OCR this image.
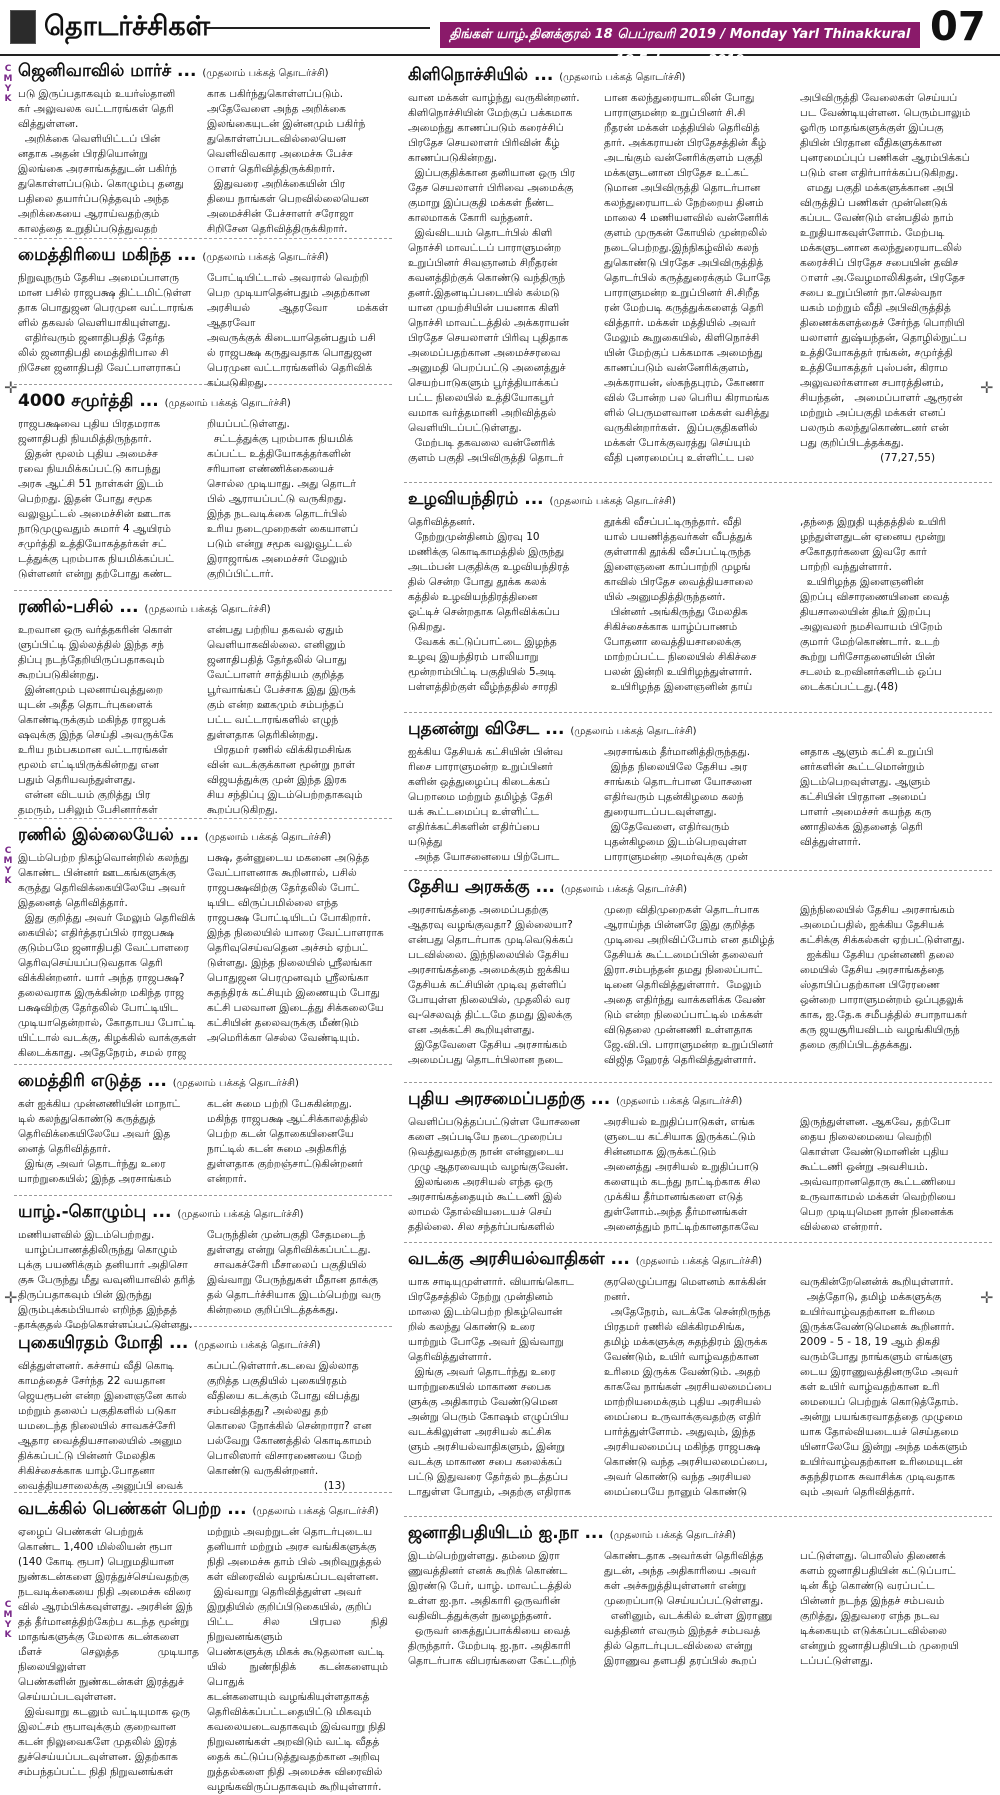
தொடர்ச்சிகள்	திங்கள் யாழ்.தினக்குரல் 18 பெப்ரவரி 2019 / Monday Yarl Thinakkural 18 February 2019
07
C
M
Y
K
C
M
Y
K
C
M
Y
K
✛	✛
✛	✛
ஜெனிவாவில் மார்ச் ... (முதலாம் பக்கத் தொடர்ச்சி)
படு இருப்பதாகவும் உயர்ஸ்தானி
கர் அலுவலக வட்டாரங்கள் தெரி
வித்துள்ளன.
அறிக்கை வெளியிட்டப் பின்
னதாக அதன் பிரதியொன்று
இலங்கை அரசாங்கத்துடன் பகிர்ந்
துகொள்ளப்படும். கொழும்பு தனது
பதிலை தயார்ப்படுத்தவும் அந்த
அறிக்கையை ஆராய்வதற்கும்
காலத்தை உறுதிப்படுத்துவதற்
காக பகிர்ந்துகொள்ளப்படும்.
அதேவேளை அந்த அறிக்கை
இலங்கையுடன் இன்னமும் பகிர்ந்
துகொள்ளப்படவில்லையென
வெளிவிவகார அமைச்சு பேச்ச
ாளர் தெரிவித்திருக்கிறார்.
இதுவரை அறிக்கையின் பிர
தியை நாங்கள் பெறவில்லையென
அமைச்சின் பேச்சாளர் சரோஜா
சிறிசேன தெரிவித்திருக்கிறார்.
மைத்திரியை மகிந்த ... (முதலாம் பக்கத் தொடர்ச்சி)
நிறுவுநரும் தேசிய அமைப்பாளரு
மான பசில் ராஜபக்ஷ திட்டமிட்டுள்ள
தாக பொதுஜன பெரமுன வட்டாரங்க
ளில் தகவல் வெளியாகியுள்ளது.
எதிர்வரும் ஜனாதிபதித் தேர்த
லில் ஜனாதிபதி மைத்திரிபால சி
றிசேன ஜனாதிபதி வேட்பாளராகப்
போட்டியிட்டால் அவரால் வெற்றி
பெற முடியாதென்பதும் அதற்கான
அரசியல் ஆதரவோ மக்கள் ஆதரவோ
அவருக்குக் கிடையாதென்பதும் பசி
ல் ராஜபக்ஷ கருதுவதாக பொதுஜன
பெரமுன வட்டாரங்களில் தெரிவிக்
கப்படுகிறது.
4000 சமுர்த்தி ... (முதலாம் பக்கத் தொடர்ச்சி)
ராஜபக்ஷவை புதிய பிரதமராக
ஜனாதிபதி நியமித்திருந்தார்.
இதன் மூலம் புதிய அமைச்ச
ரவை நியமிக்கப்பட்டு காபந்து
அரசு ஆட்சி 51 நாள்கள் இடம்
பெற்றது. இதன் போது சமூக
வலுவூட்டல் அமைச்சின் ஊடாக
நாடுமுழுவதும் சுமார் 4 ஆயிரம்
சமுர்த்தி உத்தியோகத்தர்கள் சட்
டத்துக்கு புறம்பாக நியமிக்கப்பட்
டுள்ளனர் என்று தற்போது கண்ட
றியப்பட்டுள்ளது.
சட்டத்துக்கு புறம்பாக நியமிக்
கப்பட்ட உத்தியோகத்தர்களின்
சரியான எண்ணிக்கையைச்
சொல்ல முடியாது. அது தொடர்
பில் ஆராயப்பட்டு வருகிறது.
இந்த நடவடிக்கை தொடர்பில்
உரிய நடைமுறைகள் கையாளப்
படும் என்று சமூக வலுவூட்டல்
இராஜாங்க அமைச்சர் மேலும்
குறிப்பிட்டார்.
ரணில்-பசில் ... (முதலாம் பக்கத் தொடர்ச்சி)
உறவான ஒரு வர்த்தகரின் கொள்
ளுப்பிட்டி இல்லத்தில் இந்த சந்
திப்பு நடந்தேறியிருப்பதாகவும்
கூறப்படுகின்றது.
இன்னமும் புலனாய்வுத்துறை
யுடன் அதீத தொடர்புகளைக்
கொண்டிருக்கும் மகிந்த ராஜபக்
ஷவுக்கு இந்த செய்தி அவருக்கே
உரிய நம்பகமான வட்டாரங்கள்
மூலம் எட்டியிருக்கின்றது என
பதும் தெரியவந்துள்ளது.
என்ன விடயம் குறித்து பிர
தமரும், பசிலும் பேசினார்கள்
என்பது பற்றிய தகவல் ஏதும்
வெளியாகவில்லை. எனினும்
ஜனாதிபதித் தேர்தலில் பொது
வேட்பாளர் சாத்தியம் குறித்த
பூர்வாங்கப் பேச்சாக இது இருக்
கும் என்ற ஊகமும் சம்பந்தப்
பட்ட வட்டாரங்களில் எழுந்
துள்ளதாக தெரிகின்றது.
பிரதமர் ரணில் விக்கிரமசிங்க
வின் வடக்குக்கான மூன்று நாள்
விஜயத்துக்கு முன் இந்த இரக
சிய சந்திப்பு இடம்பெற்றதாகவும்
கூறப்படுகிறது.
ரணில் இல்லையேல் ... (முதலாம் பக்கத் தொடர்ச்சி)
இடம்பெற்ற நிகழ்வொன்றில் கலந்து
கொண்ட பின்னர் ஊடகங்களுக்கு
கருத்து தெரிவிக்கையிலேயே அவர்
இதனைத் தெரிவித்தார்.
இது குறித்து அவர் மேலும் தெரிவிக்
கையில்; எதிர்த்தரப்பில் ராஜபக்ஷ
குடும்பமே ஜனாதிபதி வேட்பாளரை
தெரிவுசெய்யப்படுவதாக தெரி
விக்கின்றனர். யார் அந்த ராஜபக்ஷ?
தலைவராக இருக்கின்ற மகிந்த ராஜ
பக்ஷவிற்கு தேர்தலில் போட்டியிட
முடியாதென்றால், கோதாபய போட்டி
யிட்டால் வடக்கு, கிழக்கில் வாக்குகள்
கிடைக்காது. அதேநேரம், சமல் ராஜ
பக்ஷ, தன்னுடைய மகனை அடுத்த
வேட்பாளனாக கூறினால், பசில்
ராஜபக்ஷவிற்கு தேர்தலில் போட்
டியிட விருப்பமில்லை எந்த
ராஜபக்ஷ போட்டியிடப் போகிறார்.
இந்த நிலையில் யாரை வேட்பாளராக
தெரிவுசெய்வதென அச்சம் ஏற்பட்
டுள்ளது. இந்த நிலையில் ஸ்ரீலங்கா
பொதுஜன பெரமுனவும் ஸ்ரீலங்கா
சுதந்திரக் கட்சியும் இணையும் போது
கட்சி பலவான இடைத்து சிக்கலையே
கட்சியின் தலைவருக்கு மீண்டும்
அமெரிக்கா செல்ல வேண்டியும்.
மைத்திரி எடுத்த ... (முதலாம் பக்கத் தொடர்ச்சி)
கள் ஐக்கிய முன்னணியின் மாநாட்
டில் கலந்துகொண்டு கருத்துத்
தெரிவிக்கையிலேயே அவர் இத
னைத் தெரிவித்தார்.
இங்கு அவர் தொடர்ந்து உரை
யாற்றுகையில்; இந்த அரசாங்கம்
கடன் சுமை பற்றி பேசுகின்றது.
மகிந்த ராஜபக்ஷ ஆட்சிக்காலத்தில்
பெற்ற கடன் தொகையினையே
நாட்டில் கடன் சுமை அதிகரித்
துள்ளதாக குற்றஞ்சாட்டுகின்றனர்
என்றார்.
யாழ்.-கொழும்பு ... (முதலாம் பக்கத் தொடர்ச்சி)
மணியளவில் இடம்பெற்றது.
யாழ்ப்பாணத்திலிருந்து கொழும்
புக்கு பயணிக்கும் தனியார் அதிசொ
குசு பேருந்து மீது வவுனியாவில் தரித்
திருப்பதாகவும் பின் இருந்து
இரும்புக்கம்பியால் எறிந்த இந்தத்
தாக்குதல் மேற்கொள்ளப்பட்டுள்ளது.
பேருந்தின் முன்பகுதி சேதமடைந்
துள்ளது என்று தெரிவிக்கப்பட்டது.
சாவகச்சேரி மீசாலைப் பகுதியில்
இவ்வாறு பேருந்துகள் மீதான தாக்கு
தல் தொடர்ச்சியாக இடம்பெற்று வரு
கின்றமை குறிப்பிடத்தக்கது.
புகையிரதம் மோதி ... (முதலாம் பக்கத் தொடர்ச்சி)
வித்துள்ளனர். கச்சாய் வீதி கொடி
காமத்தைச் சேர்ந்த 22 வயதான
ஜெயரூபன் என்ற இளைஞனே கால்
மற்றும் தலைப் பகுதிகளில் படுகா
யமடைந்த நிலையில் சாவகச்சேரி
ஆதார வைத்தியசாலையில் அனும
திக்கப்பட்டு பின்னர் மேலதிக
சிகிச்சைக்காக யாழ்.போதனா
வைத்தியசாலைக்கு அனுப்பி வைக்
கப்பட்டுள்ளார்.கடவை இல்லாத
குறித்த பகுதியில் புகையிரதம்
வீதியை கடக்கும் போது விபத்து
சம்பவித்தது? அல்லது தற்
கொலை நோக்கில் சென்றாரா? என
பல்வேறு கோணத்தில் கொடிகாமம்
பொலிஸார் விசாரணையை மேற்
கொண்டு வருகின்றனர்.
(13)
வடக்கில் பெண்கள் பெற்ற ... (முதலாம் பக்கத் தொடர்ச்சி)
ஏழைப் பெண்கள் பெற்றுக்
கொண்ட 1,400 மில்லியன் ரூபா
(140 கோடி ரூபா) பெறுமதியான
நுண்கடன்களை இரத்துச்செய்வதற்கு
நடவடிக்கையை நிதி அமைச்சு விரை
வில் ஆரம்பிக்கவுள்ளது. அரசின் இந்
தத் தீர்மானத்திற்கேற்ப கடந்த மூன்று
மாதங்களுக்கு மேலாக கடன்களை
மீளச் செலுத்த முடியாத நிலையிலுள்ள
பெண்களின் நுண்கடன்கள் இரத்துச்
செய்யப்படவுள்ளன.
இவ்வாறு கடனும் வட்டியுமாக ஒரு
இலட்சம் ரூபாவுக்கும் குறைவான
கடன் நிலுவைகளே முதலில் இரத்
துச்செய்யப்படவுள்ளன. இதற்காக
சம்பந்தப்பட்ட நிதி நிறுவனங்கள்
மற்றும் அவற்றுடன் தொடர்புடைய
தனியார் மற்றும் அரச வங்கிகளுக்கு
நிதி அமைச்சு தாம் பில் அறிவுறுத்தல்
கள் விரைவில் வழங்கப்படவுள்ளன.
இவ்வாறு தெரிவித்துள்ள அவர்
இறுதியில் குறிப்பிடுகையில், குறிப்
பிட்ட சில பிரபல நிதி நிறுவனங்களும்
பெண்களுக்கு மிகக் கூடுதலான வட்டி
யில் நுண்நிதிக் கடன்களையும் பொதுக்
கடன்களையும் வழங்கியுள்ளதாகத்
தெரிவிக்கப்பட்டதையிட்டு மிகவும்
கவலையடைவதாகவும் இவ்வாறு நிதி
நிறுவனங்கள் அறவிடும் வட்டி வீதத்
தைக் கட்டுப்படுத்துவதற்கான அறிவு
றுத்தல்களை நிதி அமைச்சு விரைவில்
வழங்கவிருப்பதாகவும் கூறியுள்ளார்.
கிளிநொச்சியில் ... (முதலாம் பக்கத் தொடர்ச்சி)
வான மக்கள் வாழ்ந்து வருகின்றனர்.
கிளிநொச்சியின் மேற்குப் பக்கமாக
அமைந்து காணப்படும் கரைச்சிப்
பிரதேச செயலாளர் பிரிவின் கீழ்
காணப்படுகின்றது.
இப்பகுதிக்கான தனியான ஒரு பிர
தேச செயலாளர் பிரிவை அமைக்கு
குமாறு இப்பகுதி மக்கள் நீண்ட
காலமாகக் கோரி வந்தனர்.
இவ்விடயம் தொடர்பில் கிளி
நொச்சி மாவட்டப் பாராளுமன்ற
உறுப்பினர் சிவஞானம் சிறீதரன்
கவனத்திற்குக் கொண்டு வந்திருந்
தனர்.இதனடிப்படையில் கல்மடு
யான முயற்சியின் பயனாக கிளி
நொச்சி மாவட்டத்தில் அக்கராயன்
பிரதேச செயலாளர் பிரிவு புதிதாக
அமைப்பதற்கான அமைச்சரவை
அனுமதி பெறப்பட்டு அனைத்துச்
செயற்பாடுகளும் பூர்த்தியாக்கப்
பட்ட நிலையில் உத்தியோகபூர்
வமாக வர்த்தமானி அறிவித்தல்
வெளியிடப்பட்டுள்ளது.
மேற்படி தகவலை வன்னேரிக்
குளம் பகுதி அபிவிருத்தி தொடர்
பான கலந்துரையாடலின் போது
பாராளுமன்ற உறுப்பினர் சி.சி
றீதரன் மக்கள் மத்தியில் தெரிவித்
தார். அக்கராயன் பிரதேசத்தின் கீழ்
அடங்கும் வன்னேரிக்குளம் பகுதி
மக்களுடனான பிரதேச உட்கட்
டுமான அபிவிருத்தி தொடர்பான
கலந்துரையாடல் நேற்றைய தினம்
மாலை 4 மணியளவில் வன்னேரிக்
குளம் முருகன் கோயில் முன்றலில்
நடைபெற்றது.இந்நிகழ்வில் கலந்
துகொண்டு பிரதேச அபிவிருத்தித்
தொடர்பில் கருத்துரைக்கும் போதே
பாராளுமன்ற உறுப்பினர் சி.சிறீத
ரன் மேற்படி கருத்துக்களைத் தெரி
வித்தார். மக்கள் மத்தியில் அவர்
மேலும் கூறுகையில், கிளிநொச்சி
யின் மேற்குப் பக்கமாக அமைந்து
காணப்படும் வன்னேரிக்குளம்,
அக்கராயன், ஸ்கந்தபுரம், கோணா
வில் போன்ற பல பெரிய கிராமங்க
ளில் பெருமளவான மக்கள் வசித்து
வருகின்றார்கள்.  இப்பகுதிகளில்
மக்கள் போக்குவரத்து செய்யும்
வீதி புனரமைப்பு உள்ளிட்ட பல
அபிவிருத்தி வேலைகள் செய்யப்
பட வேண்டியுள்ளன. பெரும்பாலும்
ஓரிரு மாதங்களுக்குள் இப்பகு
தியின் பிரதான வீதிகளுக்கான
புனரமைப்புப் பணிகள் ஆரம்பிக்கப்
படும் என எதிர்பார்க்கப்படுகிறது.
எமது பகுதி மக்களுக்கான அபி
விருத்திப் பணிகள் முன்னெடுக்
கப்பட வேண்டும் என்பதில் நாம்
உறுதியாகவுள்ளோம். மேற்படி
மக்களுடனான கலந்துரையாடலில்
கரைச்சிப் பிரதேச சபையின் தவிச
ாளர் அ.வேழமாலிகிதன், பிரதேச
சபை உறுப்பினர் நா.செல்வநா
யகம் மற்றும் வீதி அபிவிருத்தித்
திணைக்களத்தைச் சேர்ந்த பொறியி
யலாளர் துஷ்யந்தன், தொழில்நுட்ப
உத்தியோகத்தர் ரங்கன், சமுர்த்தி
உத்தியோகத்தர் புஸ்பன், கிராம
அலுவலர்களான சபாரத்தினம்,
சியந்தன்,   அமைப்பாளர் ஆரூரன்
மற்றும் அப்பகுதி மக்கள் எனப்
பலரும் கலந்துகொண்டனர் என்
பது குறிப்பிடத்தக்கது.
(77,27,55)
உழவியந்திரம் ... (முதலாம் பக்கத் தொடர்ச்சி)
தெரிவித்தனர்.
நேற்றுமுன்தினம் இரவு 10
மணிக்கு கொடிகாமத்தில் இருந்து
அடம்பன் பகுதிக்கு உழவியந்திரத்
தில் சென்ற போது தூக்க கலக்
கத்தில் உழவியந்திரத்தினை
ஓட்டிச் சென்றதாக தெரிவிக்கப்ப
டுகிறது.
வேகக் கட்டுப்பாட்டை இழந்த
உழவு இயந்திரம் பாலியாறு
மூன்றாம்பிட்டி பகுதியில் 5அடி
பள்ளத்திற்குள் வீழ்ந்ததில் சாரதி
தூக்கி வீசப்பட்டிருந்தார். வீதி
யால் பயணித்தவர்கள் வீபத்துக்
குள்ளாகி தூக்கி வீசப்பட்டிருந்த
இளைஞனை காப்பாற்றி முழங்
காவில் பிரதேச வைத்தியசாலை
யில் அனுமதித்திருந்தனர்.
பின்னர் அங்கிருந்து மேலதிக
சிகிச்சைக்காக யாழ்ப்பாணம்
போதனா வைத்தியசாலைக்கு
மாற்றப்பட்ட நிலையில் சிகிச்சை
பலன் இன்றி உயிரிழந்துள்ளார்.
உயிரிழந்த இளைஞனின் தாய்
,தந்தை இறுதி யுத்தத்தில் உயிரி
ழந்துள்ளதுடன் ஏனைய மூன்று
சகோதரர்களை இவரே கார்
பாற்றி வந்துள்ளார்.
உயிரிழந்த இளைஞனின்
இறப்பு விசாரணையினை வைத்
தியசாலையின் திடீர் இறப்பு
அலுவலர் நமசிவாயம் பிறேம்
குமார் மேற்கொண்டார். உடற்
கூற்று பரிசோதனையின் பின்
சடலம் உறவினர்களிடம் ஒப்ப
டைக்கப்பட்டது.(48)
புதனன்று விசேட ... (முதலாம் பக்கத் தொடர்ச்சி)
ஐக்கிய தேசியக் கட்சியின் பின்வ
ரிசை பாராளுமன்ற உறுப்பினர்
களின் ஒத்துழைப்பு கிடைக்கப்
பெறாமை மற்றும் தமிழ்த் தேசி
யக் கூட்டமைப்பு உள்ளிட்ட
எதிர்க்கட்சிகளின் எதிர்ப்பை
யடுத்து
அந்த யோசனையை பிற்போட
அரசாங்கம் தீர்மானித்திருந்தது.
இந்த நிலையிலே தேசிய அர
சாங்கம் தொடர்பான யோசனை
எதிர்வரும் புதன்கிழமை கலந்
துரையாடப்படவுள்ளது.
இதேவேளை, எதிர்வரும்
புதன்கிழமை இடம்பெறவுள்ள
பாராளுமன்ற அமர்வுக்கு முன்
னதாக ஆளும் கட்சி உறுப்பி
னர்களின் கூட்டமொன்றும்
இடம்பெறவுள்ளது. ஆளும்
கட்சியின் பிரதான அமைப்
பாளர் அமைச்சர் கயந்த கரு
ணாதிலக்க இதனைத் தெரி
வித்துள்ளார்.
தேசிய அரசுக்கு ... (முதலாம் பக்கத் தொடர்ச்சி)
அரசாங்கத்தை அமைப்பதற்கு
ஆதரவு வழங்குவதா? இல்லையா?
என்பது தொடர்பாக முடிவெடுக்கப்
படவில்லை. இந்நிலையில் தேசிய
அரசாங்கத்தை அமைக்கும் ஐக்கிய
தேசியக் கட்சியின் முடிவு தள்ளிப்
போயுள்ள நிலையில், முதலில் வர
வு-செலவுத் திட்டமே தமது இலக்கு
என அக்கட்சி கூறியுள்ளது.
இதேவேளை தேசிய அரசாங்கம்
அமைப்பது தொடர்பிலான நடை
முறை விதிமுறைகள் தொடர்பாக
ஆராய்ந்த பின்னரே இது குறித்த
முடிவை அறிவிப்போம் என தமிழ்த்
தேசியக் கூட்டமைப்பின் தலைவர்
இரா.சம்பந்தன் தமது நிலைப்பாட்
டினை தெரிவித்துள்ளார்.  மேலும்
அதை எதிர்ந்து வாக்களிக்க வேண்
டும் என்ற நிலைப்பாட்டில் மக்கள்
விடுதலை முன்னணி உள்ளதாக
ஜே.வி.பி. பாராளுமன்ற உறுப்பினர்
விஜித ஹேரத் தெரிவித்துள்ளார்.
இந்நிலையில் தேசிய அரசாங்கம்
அமைப்பதில், ஐக்கிய தேசியக்
கட்சிக்கு சிக்கல்கள் ஏற்பட்டுள்ளது.
ஐக்கிய தேசிய முன்னணி தலை
மையில் தேசிய அரசாங்கத்தை
ஸ்தாபிப்பதற்கான பிரேரணை
ஒன்றை பாராளுமன்றம் ஒப்புதலுக்
காக, ஐ.தே.க சமீபத்தில் சபாநாயகர்
கரு ஜயசூரியவிடம் வழங்கியிருந்
தமை குறிப்பிடத்தக்கது.
புதிய அரசமைப்பதற்கு ... (முதலாம் பக்கத் தொடர்ச்சி)
வெளிப்படுத்தப்பட்டுள்ள யோசனை
களை அப்படியே நடைமுறைப்ப
டுவத்துவதற்கு நான் என்னுடைய
முழு ஆதரவையும் வழங்குவேன்.
இலங்கை அரசியல் எந்த ஒரு
அரசாங்கத்தையும் கூட்டணி இல்
லாமல் தோல்வியடையச் செய்
ததில்லை. சில சந்தர்ப்பங்களில்
அரசியல் உறுதிப்பாடுகள், எங்க
ளுடைய கட்சியாக இருக்கட்டும்
சின்னமாக இருக்கட்டும்
அனைத்து அரசியல் உறுதிப்பாடு
களையும் கடந்து நாட்டிற்காக சில
முக்கிய தீர்மானங்களை எடுத்
துள்ளோம்.அந்த தீர்மானங்கள்
அனைத்தும் நாட்டிற்கானதாகவே
இருந்துள்ளன. ஆகவே, தற்போ
தைய நிலைமையை வெற்றி
கொள்ள வேண்டுமானின் புதிய
கூட்டணி ஒன்று அவசியம்.
அவ்வாறானதொரு கூட்டணியை
உருவாகாமல் மக்கள் வெற்றியை
பெற முடியுமென நான் நினைக்க
வில்லை என்றார்.
வடக்கு அரசியல்வாதிகள் ... (முதலாம் பக்கத் தொடர்ச்சி)
யாக சாடியுமுள்ளார். வியாங்கொட
பிரதேசத்தில் நேற்று முன்தினம்
மாலை இடம்பெற்ற நிகழ்வொன்
றில் கலந்து கொண்டு உரை
யாற்றும் போதே அவர் இவ்வாறு
தெரிவித்துள்ளார்.
இங்கு அவர் தொடர்ந்து உரை
யாற்றுகையில் மாகாண சபைக
ளுக்கு அதிகாரம் வேண்டுமென
அன்று பெரும் கோஷம் எழுப்பிய
வடக்கிலுள்ள அரசியல் கட்சிக
ளும் அரசியல்வாதிகளும், இன்று
வடக்கு மாகாண சபை கலைக்கப்
பட்டு இதுவரை தேர்தல் நடத்தப்ப
டாதுள்ள போதும், அதற்கு எதிராக
குரலெழுப்பாது மௌனம் காக்கின்
றனர்.
அதேநேரம், வடக்கே சென்றிருந்த
பிரதமர் ரணில் விக்கிரமசிங்க,
தமிழ் மக்களுக்கு சுதந்திரம் இருக்க
வேண்டும், உயிர் வாழ்வதற்கான
உரிமை இருக்க வேண்டும். அதற்
காகவே நாங்கள் அரசியலமைப்பை
மாற்றியமைக்கும் புதிய அரசியல்
மைப்பை உருவாக்குவதற்கு எதிர்
பார்த்துள்ளோம். அதுவும், இந்த
அரசியலமைப்பு மகிந்த ராஜபக்ஷ
கொண்டு வந்த அரசியலமைப்பை,
அவர் கொண்டு வந்த அரசியல
மைப்பையே நானும் கொண்டு
வருகின்றேனென்க் கூறியுள்ளார்.
அத்தோடு, தமிழ் மக்களுக்கு
உயிர்வாழ்வதற்கான உரிமை
இருக்கவேண்டுமெனக் கூறினார்.
2009 - 5 - 18, 19 ஆம் திகதி
வரும்போது நாங்களும் எங்களு
டைய இராணுவத்தினருமே அவர்
கள் உயிர் வாழ்வதற்கான உரி
மையைப் பெற்றுக் கொடுத்தோம்.
அன்று பயங்கரவாதத்தை முழுமை
யாக தோல்வியடையச் செய்தமை
யினாலேயே இன்று அந்த மக்களும்
உயிர்வாழ்வதற்கான உரிமையுடன்
சுதந்திரமாக சுவாசிக்க முடிவதாக
வும் அவர் தெரிவித்தார்.
ஜனாதிபதியிடம் ஐ.நா ... (முதலாம் பக்கத் தொடர்ச்சி)
இடம்பெற்றுள்ளது. தம்மை இரா
ணுவத்தினர் எனக் கூறிக் கொண்ட
இரண்டு பேர், யாழ். மாவட்டத்தில்
உள்ள ஐ.நா. அதிகாரி ஒருவரின்
வதிவிடத்துக்குள் நுழைந்தனர்.
ஒருவர் கைத்துப்பாக்கியை வைத்
திருந்தார். மேற்படி ஐ.நா. அதிகாரி
தொடர்பாக விபரங்களை கேட்டறிந்
கொண்டதாக அவர்கள் தெரிவித்த
துடன், அந்த அதிகாரியை அவர்
கள் அச்சுறுத்தியுள்ளனர் என்று
முறைப்பாடு செய்யப்பட்டுள்ளது.
எனினும், வடக்கில் உள்ள இராணு
வத்தினர் எவரும் இந்தச் சம்பவத்
தில் தொடர்புபடவில்லை என்று
இராணுவ தளபதி தரப்பில் கூறப்
பட்டுள்ளது. பொலிஸ் திணைக்
களம் ஜனாதிபதியின் கட்டுப்பாட்
டின் கீழ் கொண்டு வரப்பட்ட
பின்னர் நடந்த இந்தச் சம்பவம்
குறித்து, இதுவரை எந்த நடவ
டிக்கையும் எடுக்கப்படவில்லை
என்றும் ஜனாதிபதியிடம் முறையி
டப்பட்டுள்ளது.
